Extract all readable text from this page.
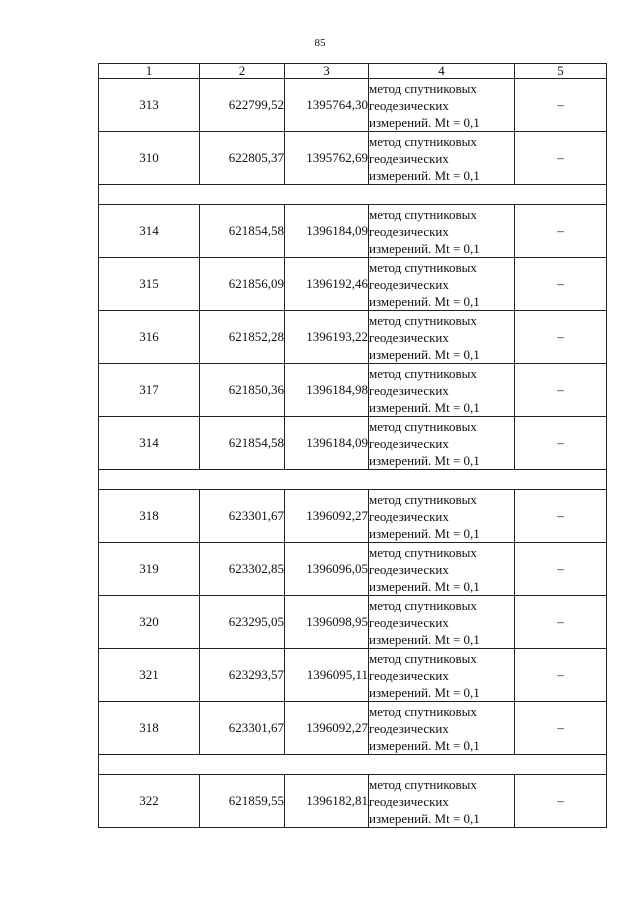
85
1	2	3	4	5
313	622799,52	1395764,30	метод спутниковых
геодезических
измерений. Mt = 0,1	–
310	622805,37	1395762,69	метод спутниковых
геодезических
измерений. Mt = 0,1	–

314	621854,58	1396184,09	метод спутниковых
геодезических
измерений. Mt = 0,1	–
315	621856,09	1396192,46	метод спутниковых
геодезических
измерений. Mt = 0,1	–
316	621852,28	1396193,22	метод спутниковых
геодезических
измерений. Mt = 0,1	–
317	621850,36	1396184,98	метод спутниковых
геодезических
измерений. Mt = 0,1	–
314	621854,58	1396184,09	метод спутниковых
геодезических
измерений. Mt = 0,1	–

318	623301,67	1396092,27	метод спутниковых
геодезических
измерений. Mt = 0,1	–
319	623302,85	1396096,05	метод спутниковых
геодезических
измерений. Mt = 0,1	–
320	623295,05	1396098,95	метод спутниковых
геодезических
измерений. Mt = 0,1	–
321	623293,57	1396095,11	метод спутниковых
геодезических
измерений. Mt = 0,1	–
318	623301,67	1396092,27	метод спутниковых
геодезических
измерений. Mt = 0,1	–

322	621859,55	1396182,81	метод спутниковых
геодезических
измерений. Mt = 0,1	–
